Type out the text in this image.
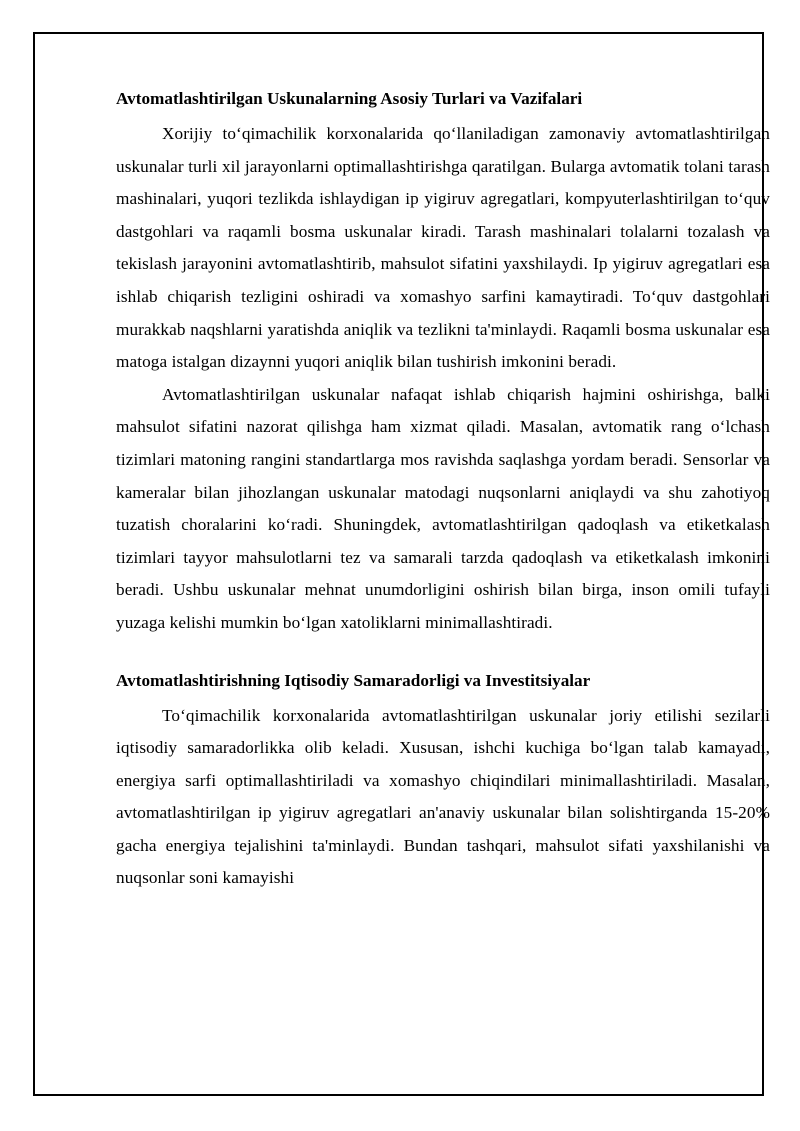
Avtomatlashtirilgan Uskunalarning Asosiy Turlari va Vazifalari

Xorijiy to‘qimachilik korxonalarida qo‘llaniladigan zamonaviy avtomatlashtirilgan uskunalar turli xil jarayonlarni optimallashtirishga qaratilgan. Bularga avtomatik tolani tarash mashinalari, yuqori tezlikda ishlaydigan ip yigiruv agregatlari, kompyuterlashtirilgan to‘quv dastgohlari va raqamli bosma uskunalar kiradi. Tarash mashinalari tolalarni tozalash va tekislash jarayonini avtomatlashtirib, mahsulot sifatini yaxshilaydi. Ip yigiruv agregatlari esa ishlab chiqarish tezligini oshiradi va xomashyo sarfini kamaytiradi. To‘quv dastgohlari murakkab naqshlarni yaratishda aniqlik va tezlikni ta'minlaydi. Raqamli bosma uskunalar esa matoga istalgan dizaynni yuqori aniqlik bilan tushirish imkonini beradi.

Avtomatlashtirilgan uskunalar nafaqat ishlab chiqarish hajmini oshirishga, balki mahsulot sifatini nazorat qilishga ham xizmat qiladi. Masalan, avtomatik rang o‘lchash tizimlari matoning rangini standartlarga mos ravishda saqlashga yordam beradi. Sensorlar va kameralar bilan jihozlangan uskunalar matodagi nuqsonlarni aniqlaydi va shu zahotiyoq tuzatish choralarini ko‘radi. Shuningdek, avtomatlashtirilgan qadoqlash va etiketkalash tizimlari tayyor mahsulotlarni tez va samarali tarzda qadoqlash va etiketkalash imkonini beradi. Ushbu uskunalar mehnat unumdorligini oshirish bilan birga, inson omili tufayli yuzaga kelishi mumkin bo‘lgan xatoliklarni minimallashtiradi.

Avtomatlashtirishning Iqtisodiy Samaradorligi va Investitsiyalar

To‘qimachilik korxonalarida avtomatlashtirilgan uskunalar joriy etilishi sezilarli iqtisodiy samaradorlikka olib keladi. Xususan, ishchi kuchiga bo‘lgan talab kamayadi, energiya sarfi optimallashtiriladi va xomashyo chiqindilari minimallashtiriladi. Masalan, avtomatlashtirilgan ip yigiruv agregatlari an'anaviy uskunalar bilan solishtirganda 15-20% gacha energiya tejalishini ta'minlaydi. Bundan tashqari, mahsulot sifati yaxshilanishi va nuqsonlar soni kamayishi
